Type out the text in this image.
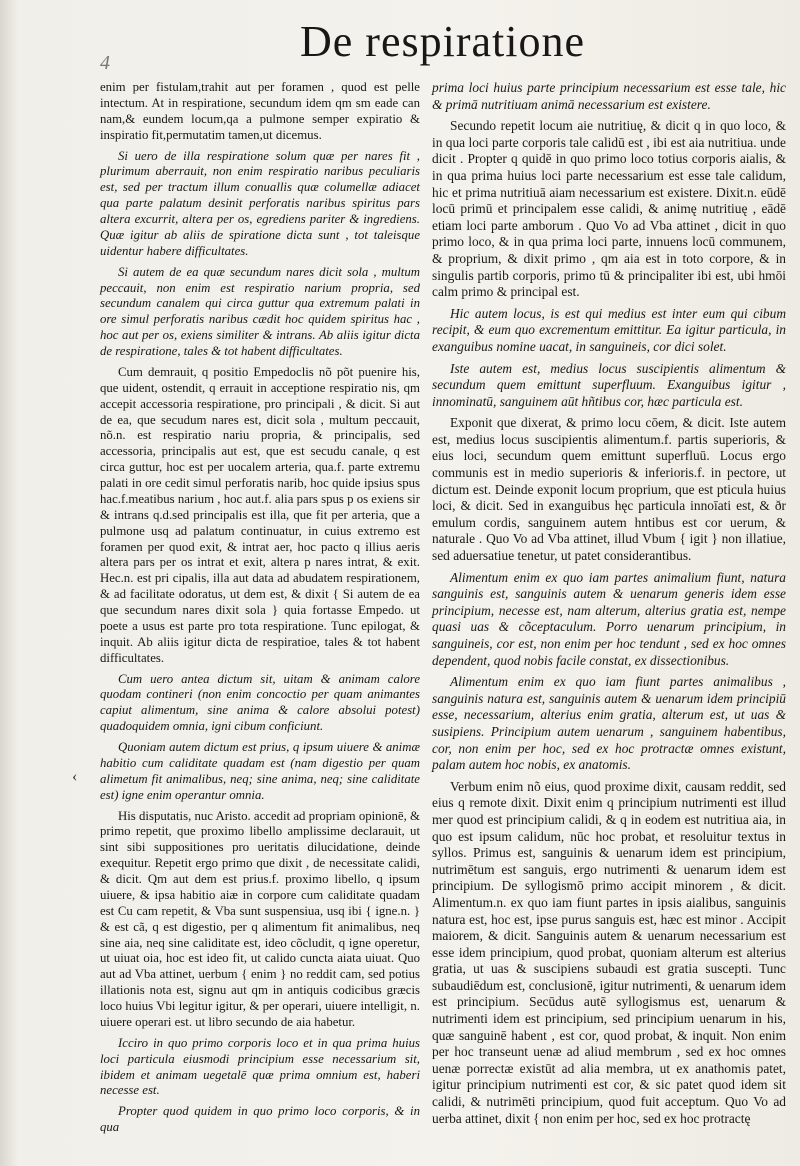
De respiratione
4
‹

enim per fistulam,trahit aut per foramen , quod est pelle intectum. At in respiratione, secundum idem qm sm eade can nam,& eundem locum,qa a pulmone semper expiratio & inspiratio fit,permutatim tamen,ut dicemus.

Si uero de illa respiratione solum quæ per nares fit , plurimum aberrauit, non enim respiratio naribus peculiaris est, sed per tractum illum conuallis quæ columellæ adiacet qua parte palatum desinit perforatis naribus spiritus pars altera excurrit, altera per os, egrediens pariter & ingrediens. Quæ igitur ab aliis de spiratione dicta sunt , tot taleisque uidentur habere difficultates.

Si autem de ea quæ secundum nares dicit sola , multum peccauit, non enim est respiratio narium propria, sed secundum canalem qui circa guttur qua extremum palati in ore simul perforatis naribus cædit hoc quidem spiritus hac , hoc aut per os, exiens similiter & intrans. Ab aliis igitur dicta de respiratione, tales & tot habent difficultates.

Cum demrauit, q positio Empedoclis nõ põt puenire his, que uident, ostendit, q errauit in acceptione respiratio nis, qm accepit accessoria respiratione, pro principali , & dicit. Si aut de ea, que secudum nares est, dicit sola , multum peccauit, nõ.n. est respiratio nariu propria, & principalis, sed accessoria, principalis aut est, que est secudu canale, q est circa guttur, hoc est per uocalem arteria, qua.f. parte extremu palati in ore cedit simul perforatis narib, hoc quide ipsius spus hac.f.meatibus narium , hoc aut.f. alia pars spus p os exiens sir & intrans q.d.sed principalis est illa, que fit per arteria, que a pulmone usq ad palatum continuatur, in cuius extremo est foramen per quod exit, & intrat aer, hoc pacto q illius aeris altera pars per os intrat et exit, altera p nares intrat, & exit. Hec.n. est pri cipalis, illa aut data ad abudatem respirationem, & ad facilitate odoratus, ut dem est, & dixit { Si autem de ea que secundum nares dixit sola } quia fortasse Empedo. ut poete a usus est parte pro tota respiratione. Tunc epilogat, & inquit. Ab aliis igitur dicta de respiratioe, tales & tot habent difficultates.

Cum uero antea dictum sit, uitam & animam calore quodam contineri (non enim concoctio per quam animantes capiut alimentum, sine anima & calore absolui potest) quadoquidem omnia, igni cibum conficiunt.

Quoniam autem dictum est prius, q ipsum uiuere & animæ habitio cum caliditate quadam est (nam digestio per quam alimetum fit animalibus, neq; sine anima, neq; sine caliditate est) igne enim operantur omnia.

His disputatis, nuc Aristo. accedit ad propriam opinionē, & primo repetit, que proximo libello amplissime declarauit, ut sint sibi suppositiones pro ueritatis dilucidatione, deinde exequitur. Repetit ergo primo que dixit , de necessitate calidi, & dicit. Qm aut dem est prius.f. proximo libello, q ipsum uiuere, & ipsa habitio aiæ in corpore cum caliditate quadam est Cu cam repetit, & Vba sunt suspensiua, usq ibi { igne.n. } & est cã, q est digestio, per q alimentum fit animalibus, neq sine aia, neq sine caliditate est, ideo cõcludit, q igne operetur, ut uiuat oia, hoc est ideo fit, ut calido cuncta aiata uiuat. Quo aut ad Vba attinet, uerbum { enim } no reddit cam, sed potius illationis nota est, signu aut qm in antiquis codicibus græcis loco huius Vbi legitur igitur, & per operari, uiuere intelligit, n. uiuere operari est. ut libro secundo de aia habetur.

Icciro in quo primo corporis loco et in qua prima huius loci particula eiusmodi principium esse necessarium sit, ibidem et animam uegetalē quæ prima omnium est, haberi necesse est.

Propter quod quidem in quo primo loco corporis, & in qua

prima loci huius parte principium necessarium est esse tale, hic & primā nutritiuam animā necessarium est existere.

Secundo repetit locum aie nutritiuę, & dicit q in quo loco, & in qua loci parte corporis tale calidū est , ibi est aia nutritiua. unde dicit . Propter q quidē in quo primo loco totius corporis aialis, & in qua prima huius loci parte necessarium est esse tale calidum, hic et prima nutritiuā aiam necessarium est existere. Dixit.n. eūdē locū primū et principalem esse calidi, & animę nutritiuę , eādē etiam loci parte amborum . Quo Vo ad Vba attinet , dicit in quo primo loco, & in qua prima loci parte, innuens locū communem, & proprium, & dixit primo , qm aia est in toto corpore, & in singulis partib corporis, primo tū & principaliter ibi est, ubi hmōi calm primo & principal est.

Hic autem locus, is est qui medius est inter eum qui cibum recipit, & eum quo excrementum emittitur. Ea igitur particula, in exanguibus nomine uacat, in sanguineis, cor dici solet.

Iste autem est, medius locus suscipientis alimentum & secundum quem emittunt superfluum. Exanguibus igitur , innominatū, sanguinem aūt hñtibus cor, hæc particula est.

Exponit que dixerat, & primo locu cōem, & dicit. Iste autem est, medius locus suscipientis alimentum.f. partis superioris, & eius loci, secundum quem emittunt superfluū. Locus ergo communis est in medio superioris & inferioris.f. in pectore, ut dictum est. Deinde exponit locum proprium, que est pticula huius loci, & dicit. Sed in exanguibus hęc particula innoīati est, & ðr emulum cordis, sanguinem autem hntibus est cor uerum, & naturale . Quo Vo ad Vba attinet, illud Vbum { igit } non illatiue, sed aduersatiue tenetur, ut patet considerantibus.

Alimentum enim ex quo iam partes animalium fiunt, natura sanguinis est, sanguinis autem & uenarum generis idem esse principium, necesse est, nam alterum, alterius gratia est, nempe quasi uas & cõceptaculum. Porro uenarum principium, in sanguineis, cor est, non enim per hoc tendunt , sed ex hoc omnes dependent, quod nobis facile constat, ex dissectionibus.

Alimentum enim ex quo iam fiunt partes animalibus , sanguinis natura est, sanguinis autem & uenarum idem principiū esse, necessarium, alterius enim gratia, alterum est, ut uas & susipiens. Principium autem uenarum , sanguinem habentibus, cor, non enim per hoc, sed ex hoc protractæ omnes existunt, palam autem hoc nobis, ex anatomis.

Verbum enim nõ eius, quod proxime dixit, causam reddit, sed eius q remote dixit. Dixit enim q principium nutrimenti est illud mer quod est principium calidi, & q in eodem est nutritiua aia, in quo est ipsum calidum, nūc hoc probat, et resoluitur textus in syllos. Primus est, sanguinis & uenarum idem est principium, nutrimētum est sanguis, ergo nutrimenti & uenarum idem est principium. De syllogismō primo accipit minorem , & dicit. Alimentum.n. ex quo iam fiunt partes in ipsis aialibus, sanguinis natura est, hoc est, ipse purus sanguis est, hæc est minor . Accipit maiorem, & dicit. Sanguinis autem & uenarum necessarium est esse idem principium, quod probat, quoniam alterum est alterius gratia, ut uas & suscipiens subaudi est gratia suscepti. Tunc subaudiēdum est, conclusionē, igitur nutrimenti, & uenarum idem est principium. Secūdus autē syllogismus est, uenarum & nutrimenti idem est principium, sed principium uenarum in his, quæ sanguinē habent , est cor, quod probat, & inquit. Non enim per hoc transeunt uenæ ad aliud membrum , sed ex hoc omnes uenæ porrectæ existūt ad alia membra, ut ex anathomis patet, igitur principium nutrimenti est cor, & sic patet quod idem sit calidi, & nutrimēti principium, quod fuit acceptum. Quo Vo ad uerba attinet, dixit { non enim per hoc, sed ex hoc protractę
